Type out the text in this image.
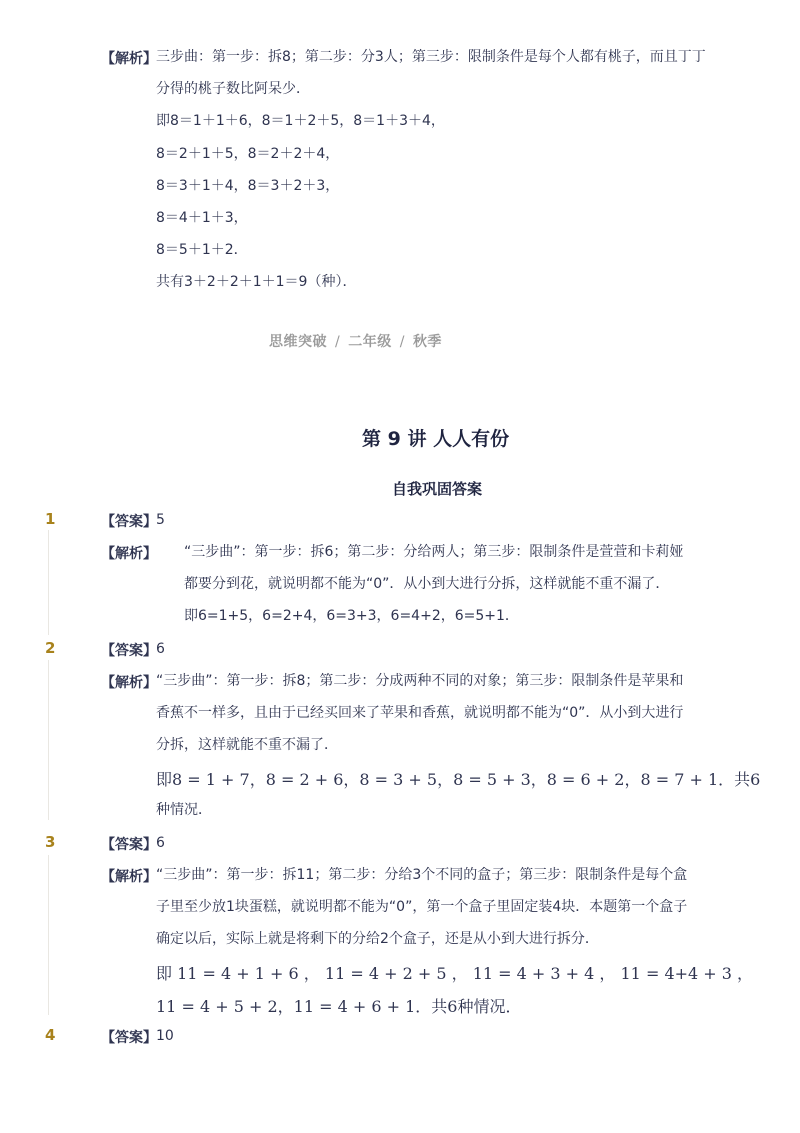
【解析】 三步曲：第一步：拆8；第二步：分3人；第三步：限制条件是每个人都有桃子，而且丁丁
分得的桃子数比阿呆少．
即8＝1＋1＋6，8＝1＋2＋5，8＝1＋3＋4，
8＝2＋1＋5，8＝2＋2＋4，
8＝3＋1＋4，8＝3＋2＋3，
8＝4＋1＋3，
8＝5＋1＋2．
共有3＋2＋2＋1＋1＝9（种）．
思维突破 / 二年级 / 秋季
第 9 讲 人人有份
自我巩固答案
1	【答案】 5
【解析】 　“三步曲”：第一步：拆6；第二步：分给两人；第三步：限制条件是萱萱和卡莉娅
都要分到花，就说明都不能为“0”．从小到大进行分拆，这样就能不重不漏了．
即6=1+5，6=2+4，6=3+3，6=4+2，6=5+1．
2	【答案】 6
【解析】 “三步曲”：第一步：拆8；第二步：分成两种不同的对象；第三步：限制条件是苹果和
香蕉不一样多，且由于已经买回来了苹果和香蕉，就说明都不能为“0”．从小到大进行
分拆，这样就能不重不漏了．
即8 = 1 + 7，8 = 2 + 6，8 = 3 + 5，8 = 5 + 3，8 = 6 + 2，8 = 7 + 1．共6
种情况．
3	【答案】 6
【解析】 “三步曲”：第一步：拆11；第二步：分给3个不同的盒子；第三步：限制条件是每个盒
子里至少放1块蛋糕，就说明都不能为“0”，第一个盒子里固定装4块．本题第一个盒子
确定以后，实际上就是将剩下的分给2个盒子，还是从小到大进行拆分．
即 11 = 4 + 1 + 6 ， 11 = 4 + 2 + 5 ， 11 = 4 + 3 + 4 ， 11 = 4+4 + 3 ，
11 = 4 + 5 + 2，11 = 4 + 6 + 1．共6种情况．
4	【答案】 10
